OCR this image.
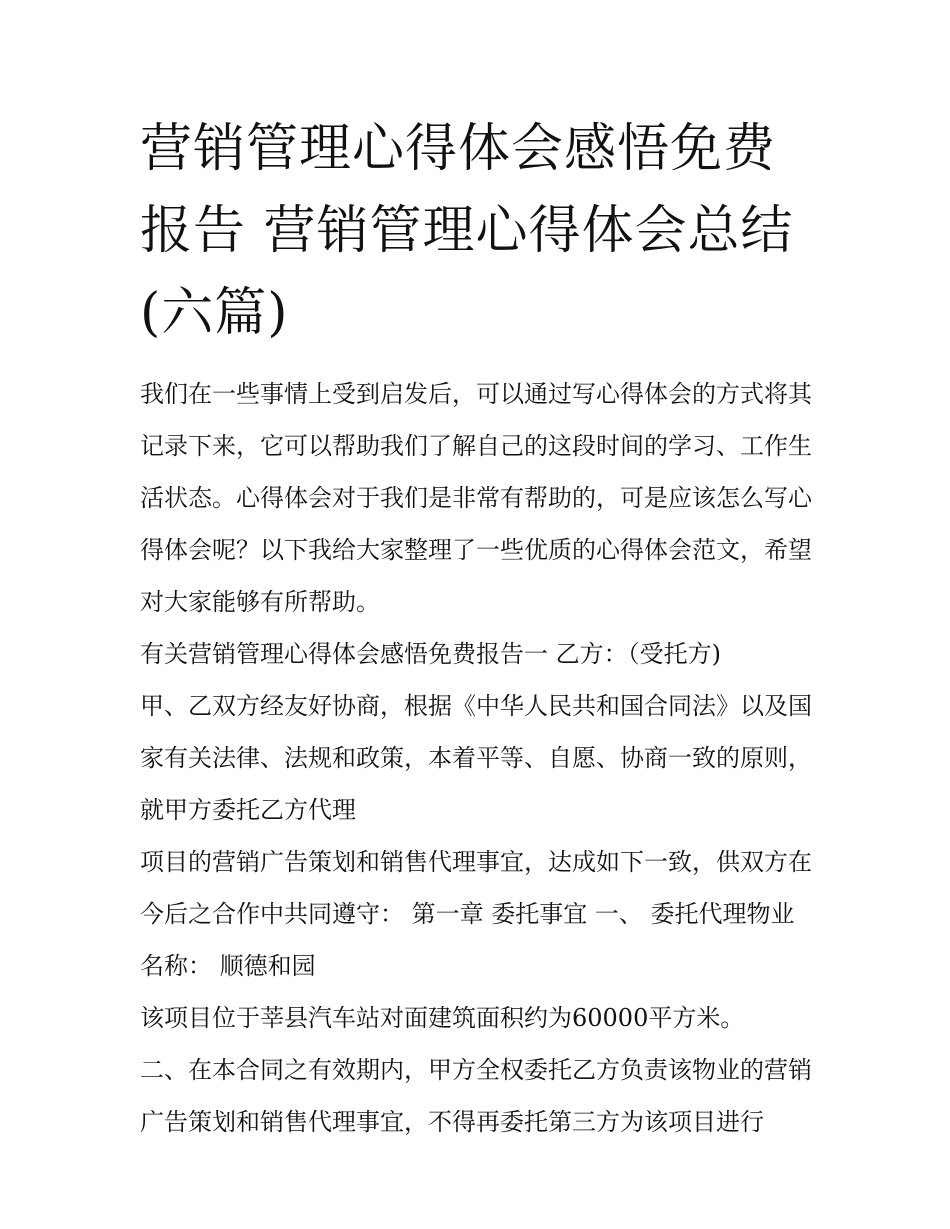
营销管理心得体会感悟免费报告 营销管理心得体会总结(六篇)

我们在一些事情上受到启发后，可以通过写心得体会的方式将其记录下来，它可以帮助我们了解自己的这段时间的学习、工作生活状态。心得体会对于我们是非常有帮助的，可是应该怎么写心得体会呢？以下我给大家整理了一些优质的心得体会范文，希望对大家能够有所帮助。

有关营销管理心得体会感悟免费报告一 乙方：（受托方)

甲、乙双方经友好协商，根据《中华人民共和国合同法》以及国家有关法律、法规和政策，本着平等、自愿、协商一致的原则，就甲方委托乙方代理

项目的营销广告策划和销售代理事宜，达成如下一致，供双方在今后之合作中共同遵守： 第一章 委托事宜 一、 委托代理物业名称： 顺德和园

该项目位于莘县汽车站对面建筑面积约为60000平方米。

二、在本合同之有效期内，甲方全权委托乙方负责该物业的营销广告策划和销售代理事宜，不得再委托第三方为该项目进行
